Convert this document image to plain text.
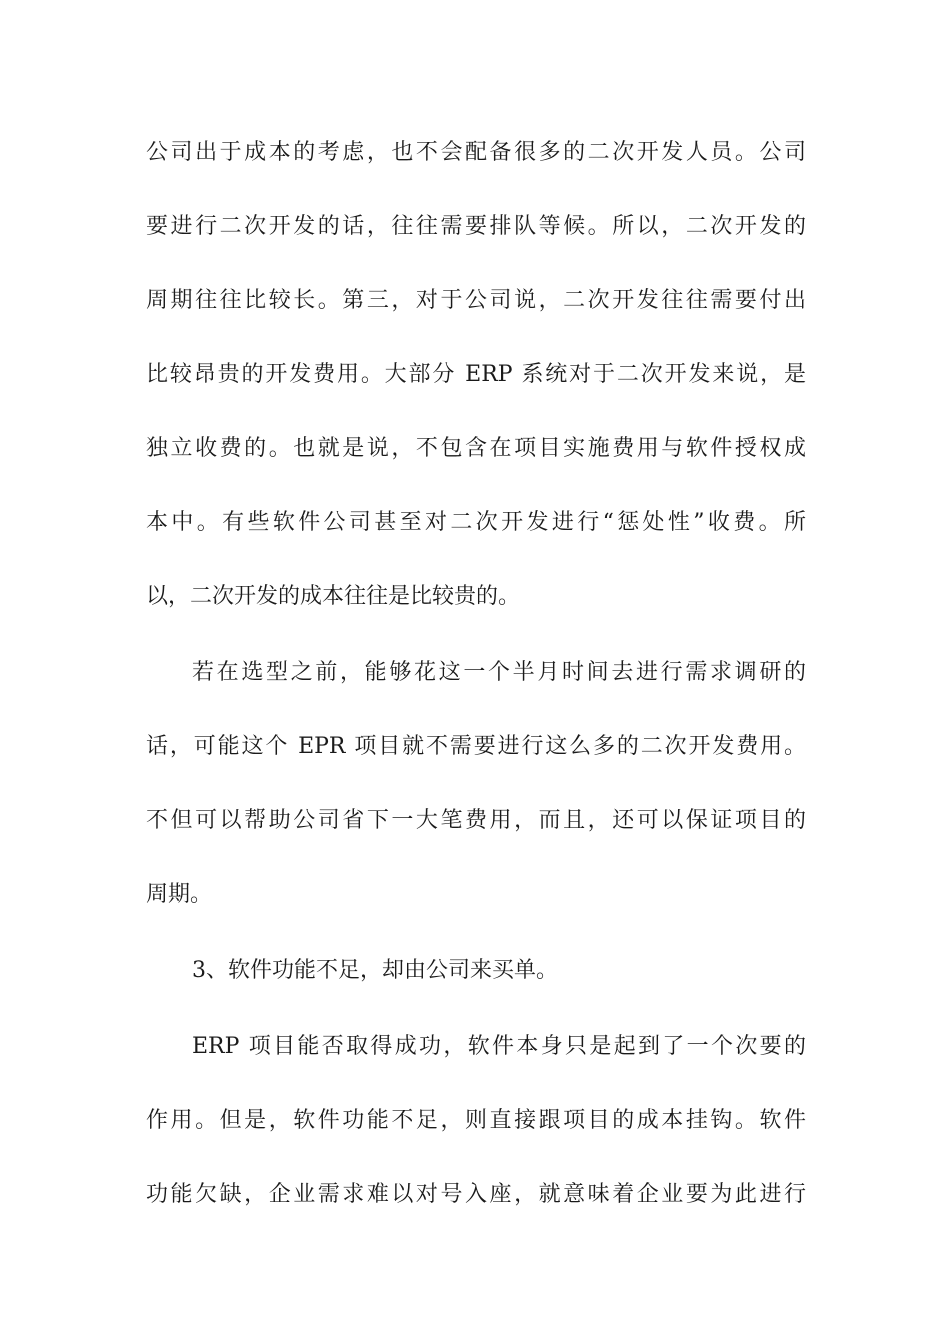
公司出于成本的考虑，也不会配备很多的二次开发人员。公司

要进行二次开发的话，往往需要排队等候。所以，二次开发的

周期往往比较长。第三，对于公司说，二次开发往往需要付出

比较昂贵的开发费用。大部分 ERP 系统对于二次开发来说，是

独立收费的。也就是说，不包含在项目实施费用与软件授权成

本中。有些软件公司甚至对二次开发进行“惩处性”收费。所

以，二次开发的成本往往是比较贵的。

若在选型之前，能够花这一个半月时间去进行需求调研的

话，可能这个 EPR 项目就不需要进行这么多的二次开发费用。

不但可以帮助公司省下一大笔费用，而且，还可以保证项目的

周期。

3、软件功能不足，却由公司来买单。

ERP 项目能否取得成功，软件本身只是起到了一个次要的

作用。但是，软件功能不足，则直接跟项目的成本挂钩。软件

功能欠缺，企业需求难以对号入座，就意味着企业要为此进行
